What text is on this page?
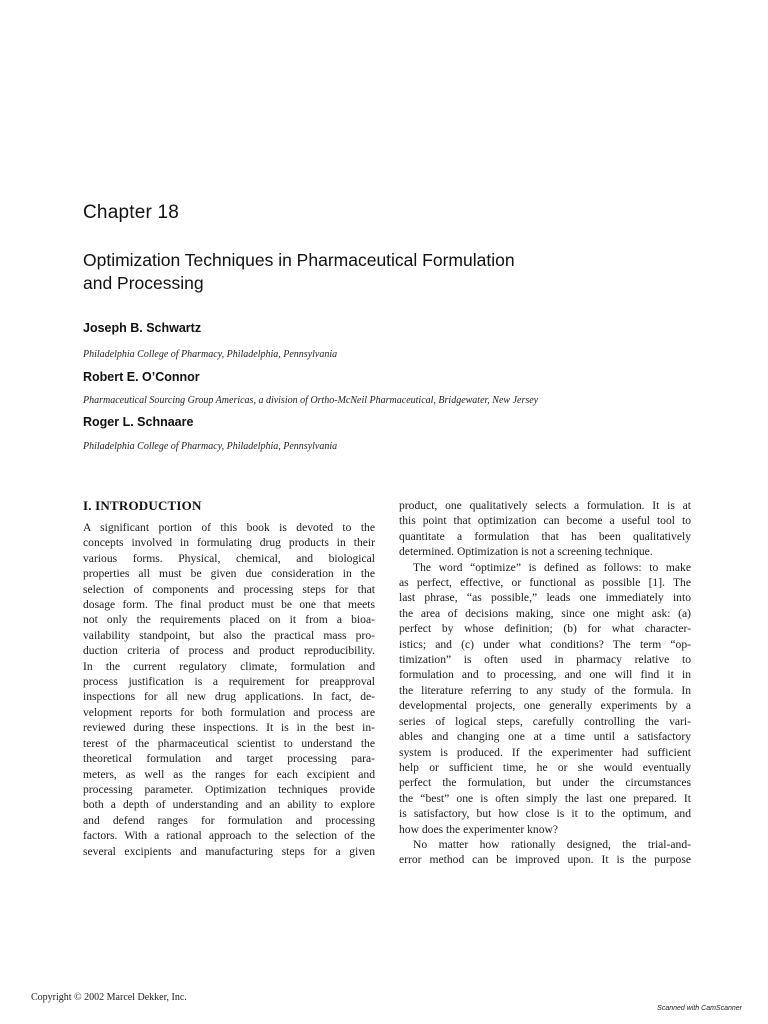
Chapter 18
Optimization Techniques in Pharmaceutical Formulation
and Processing
Joseph B. Schwartz
Philadelphia College of Pharmacy, Philadelphia, Pennsylvania
Robert E. O’Connor
Pharmaceutical Sourcing Group Americas, a division of Ortho-McNeil Pharmaceutical, Bridgewater, New Jersey
Roger L. Schnaare
Philadelphia College of Pharmacy, Philadelphia, Pennsylvania
I. INTRODUCTION
A significant portion of this book is devoted to the
concepts involved in formulating drug products in their
various forms. Physical, chemical, and biological
properties all must be given due consideration in the
selection of components and processing steps for that
dosage form. The final product must be one that meets
not only the requirements placed on it from a bioa-
vailability standpoint, but also the practical mass pro-
duction criteria of process and product reproducibility.
In the current regulatory climate, formulation and
process justification is a requirement for preapproval
inspections for all new drug applications. In fact, de-
velopment reports for both formulation and process are
reviewed during these inspections. It is in the best in-
terest of the pharmaceutical scientist to understand the
theoretical formulation and target processing para-
meters, as well as the ranges for each excipient and
processing parameter. Optimization techniques provide
both a depth of understanding and an ability to explore
and defend ranges for formulation and processing
factors. With a rational approach to the selection of the
several excipients and manufacturing steps for a given
product, one qualitatively selects a formulation. It is at
this point that optimization can become a useful tool to
quantitate a formulation that has been qualitatively
determined. Optimization is not a screening technique.
The word “optimize” is defined as follows: to make
as perfect, effective, or functional as possible [1]. The
last phrase, “as possible,” leads one immediately into
the area of decisions making, since one might ask: (a)
perfect by whose definition; (b) for what character-
istics; and (c) under what conditions? The term “op-
timization” is often used in pharmacy relative to
formulation and to processing, and one will find it in
the literature referring to any study of the formula. In
developmental projects, one generally experiments by a
series of logical steps, carefully controlling the vari-
ables and changing one at a time until a satisfactory
system is produced. If the experimenter had sufficient
help or sufficient time, he or she would eventually
perfect the formulation, but under the circumstances
the “best” one is often simply the last one prepared. It
is satisfactory, but how close is it to the optimum, and
how does the experimenter know?
No matter how rationally designed, the trial-and-
error method can be improved upon. It is the purpose
Copyright © 2002 Marcel Dekker, Inc.
Scanned with CamScanner
